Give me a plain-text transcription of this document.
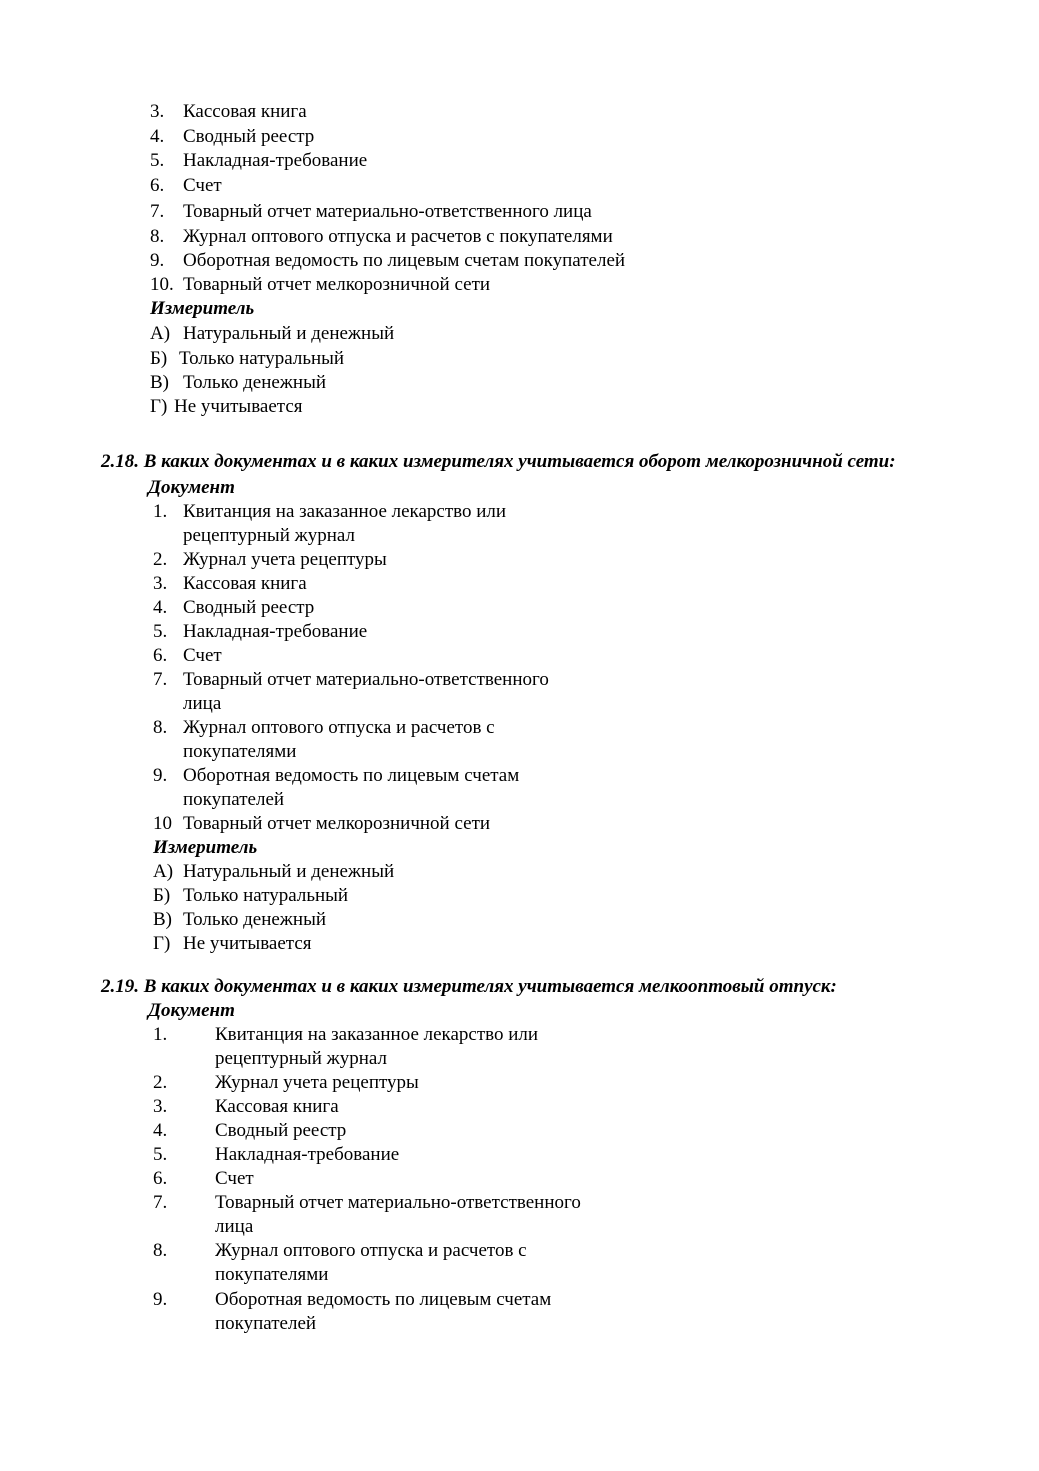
3. Кассовая книга
4. Сводный реестр
5. Накладная-требование
6. Счет
7. Товарный отчет материально-ответственного лица
8. Журнал оптового отпуска и расчетов с покупателями
9. Оборотная ведомость по лицевым счетам покупателей
10. Товарный отчет мелкорозничной сети
Измеритель
А) Натуральный и денежный
Б) Только натуральный
В) Только денежный
Г) Не учитывается
2.18. В каких документах и в каких измерителях учитывается оборот мелкорозничной сети:
Документ
1. Квитанция на заказанное лекарство или
рецептурный журнал
2. Журнал учета рецептуры
3. Кассовая книга
4. Сводный реестр
5. Накладная-требование
6. Счет
7. Товарный отчет материально-ответственного
лица
8. Журнал оптового отпуска и расчетов с
покупателями
9. Оборотная ведомость по лицевым счетам
покупателей
10 Товарный отчет мелкорозничной сети
Измеритель
А) Натуральный и денежный
Б) Только натуральный
В) Только денежный
Г) Не учитывается
2.19. В каких документах и в каких измерителях учитывается мелкооптовый отпуск:
Документ
1.	Квитанция на заказанное лекарство или
рецептурный журнал
2.	Журнал учета рецептуры
3.	Кассовая книга
4.	Сводный реестр
5.	Накладная-требование
6.	Счет
7.	Товарный отчет материально-ответственного
лица
8.	Журнал оптового отпуска и расчетов с
покупателями
9.	Оборотная ведомость по лицевым счетам
покупателей
